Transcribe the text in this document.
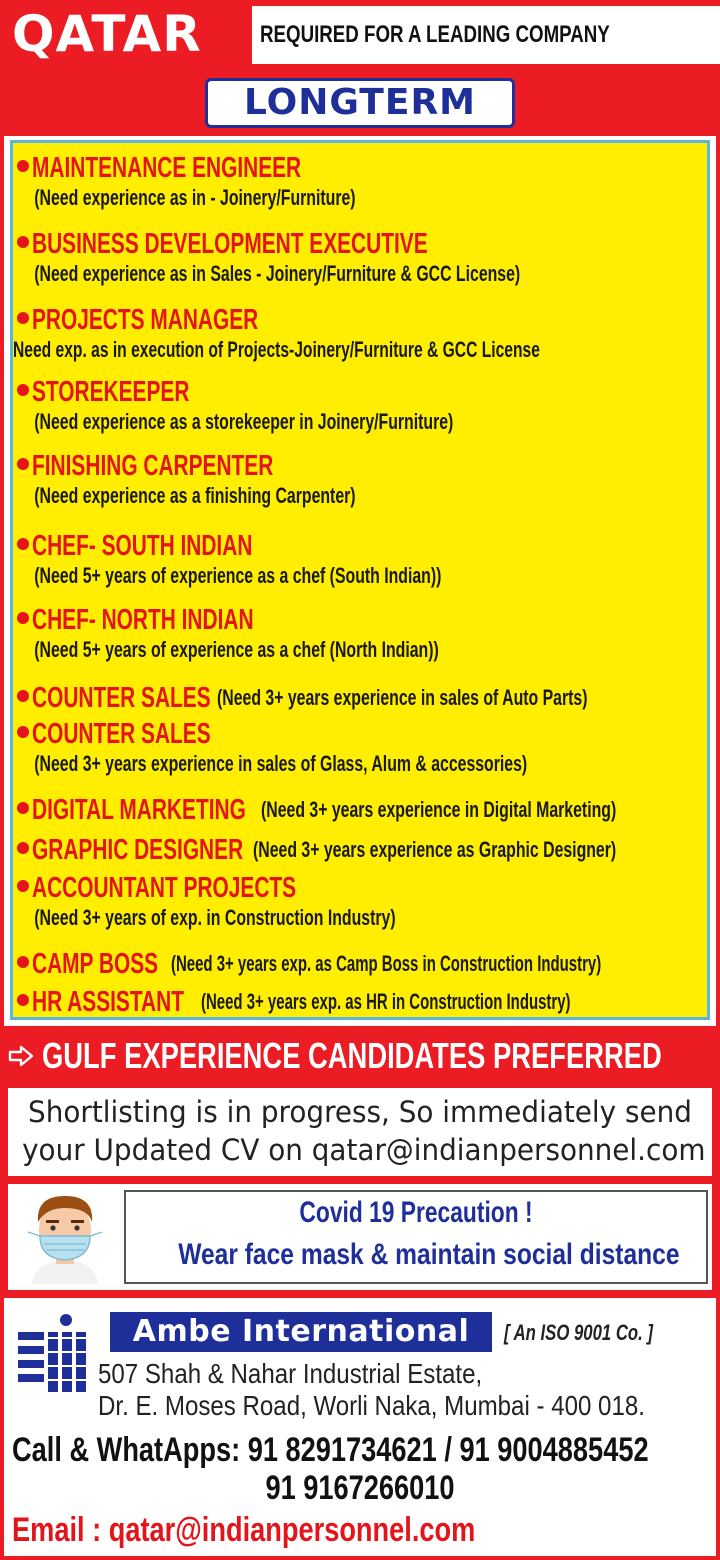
QATAR REQUIRED FOR A LEADING COMPANY
LONGTERM
MAINTENANCE ENGINEER
(Need experience as in - Joinery/Furniture)
BUSINESS DEVELOPMENT EXECUTIVE
(Need experience as in Sales - Joinery/Furniture & GCC License)
PROJECTS MANAGER
Need exp. as in execution of Projects-Joinery/Furniture & GCC License
STOREKEEPER
(Need experience as a storekeeper in Joinery/Furniture)
FINISHING CARPENTER
(Need experience as a finishing Carpenter)
CHEF- SOUTH INDIAN
(Need 5+ years of experience as a chef (South Indian))
CHEF- NORTH INDIAN
(Need 5+ years of experience as a chef (North Indian))
COUNTER SALES (Need 3+ years experience in sales of Auto Parts)
COUNTER SALES
(Need 3+ years experience in sales of Glass, Alum & accessories)
DIGITAL MARKETING (Need 3+ years experience in Digital Marketing)
GRAPHIC DESIGNER (Need 3+ years experience as Graphic Designer)
ACCOUNTANT PROJECTS
(Need 3+ years of exp. in Construction Industry)
CAMP BOSS (Need 3+ years exp. as Camp Boss in Construction Industry)
HR ASSISTANT (Need 3+ years exp. as HR in Construction Industry)
GULF EXPERIENCE CANDIDATES PREFERRED
Shortlisting is in progress, So immediately send
your Updated CV on qatar@indianpersonnel.com
Covid 19 Precaution !
Wear face mask & maintain social distance
Ambe International	[ An ISO 9001 Co. ]
507 Shah & Nahar Industrial Estate,
Dr. E. Moses Road, Worli Naka, Mumbai - 400 018.
Call & WhatApps: 91 8291734621 / 91 9004885452
91 9167266010
Email : qatar@indianpersonnel.com
